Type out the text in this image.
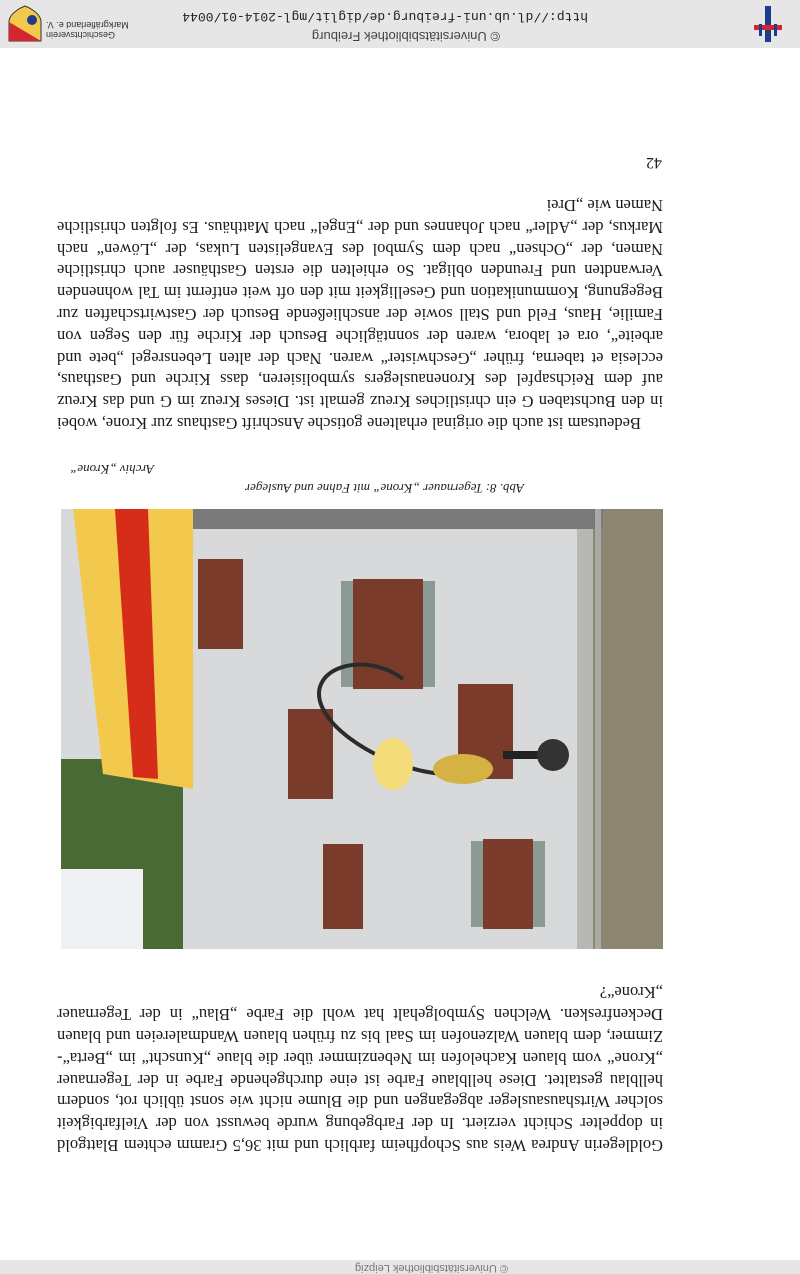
© Universitätsbibliothek Leipzig
Goldlegerin Andrea Weis aus Schopfheim farblich und mit 36,5 Gramm echtem Blattgold in doppelter Schicht verziert. In der Farbgebung wurde bewusst von der Vielfarbigkeit solcher Wirtshausausleger abgegangen und die Blume nicht wie sonst üblich rot, sondern hellblau gestaltet. Diese hellblaue Farbe ist eine durchgehende Farbe in der Tegernauer „Krone“ vom blauen Kachelofen im Nebenzimmer über die blaue „Kunscht“ im „Berta“-Zimmer, dem blauen Walzenofen im Saal bis zu frühen blauen Wandmalereien und blauen Deckenfresken. Welchen Symbolgehalt hat wohl die Farbe „Blau“ in der Tegernauer „Krone“?
Abb. 8: Tegernauer „Krone“ mit Fahne und Ausleger
Archiv „Krone“
Bedeutsam ist auch die original erhaltene gotische Anschrift Gasthaus zur Krone, wobei in den Buchstaben G ein christliches Kreuz gemalt ist. Dieses Kreuz im G und das Kreuz auf dem Reichsapfel des Kronenauslegers symbolisieren, dass Kirche und Gasthaus, ecclesia et taberna, früher „Geschwister“ waren. Nach der alten Lebensregel „bete und arbeite“, ora et labora, waren der sonntägliche Besuch der Kirche für den Segen von Familie, Haus, Feld und Stall sowie der anschließende Besuch der Gastwirtschaften zur Begegnung, Kommunikation und Geselligkeit mit den oft weit entfernt im Tal wohnenden Verwandten und Freunden obligat. So erhielten die ersten Gasthäuser auch christliche Namen, der „Ochsen“ nach dem Symbol des Evangelisten Lukas, der „Löwen“ nach Markus, der „Adler“ nach Johannes und der „Engel“ nach Matthäus. Es folgten christliche Namen wie „Drei
42
© Universitätsbibliothek Freiburg
http://dl.ub.uni-freiburg.de/diglit/mgl-2014-01/0044
Geschichtsverein
Markgräflerland e. V.
